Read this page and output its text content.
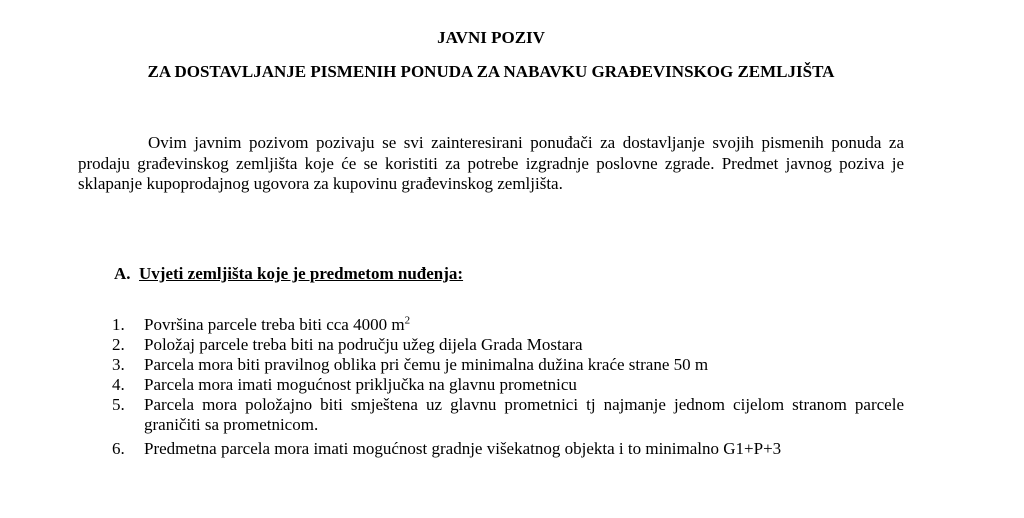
JAVNI POZIV

ZA DOSTAVLJANJE PISMENIH PONUDA ZA NABAVKU GRAĐEVINSKOG ZEMLJIŠTA

Ovim javnim pozivom pozivaju se svi zainteresirani ponuđači za dostavljanje svojih pismenih ponuda za prodaju građevinskog zemljišta koje će se koristiti za potrebe izgradnje poslovne zgrade. Predmet javnog poziva je sklapanje kupoprodajnog ugovora za kupovinu građevinskog zemljišta.

A. Uvjeti zemljišta koje je predmetom nuđenja:

1. Površina parcele treba biti cca 4000 $m^2$
2. Položaj parcele treba biti na području užeg dijela Grada Mostara
3. Parcela mora biti pravilnog oblika pri čemu je minimalna dužina kraće strane 50 m
4. Parcela mora imati mogućnost priključka na glavnu prometnicu
5. Parcela mora položajno biti smještena uz glavnu prometnici tj najmanje jednom cijelom stranom parcele graničiti sa prometnicom.
6. Predmetna parcela mora imati mogućnost gradnje višekatnog objekta i to minimalno G1+P+3
